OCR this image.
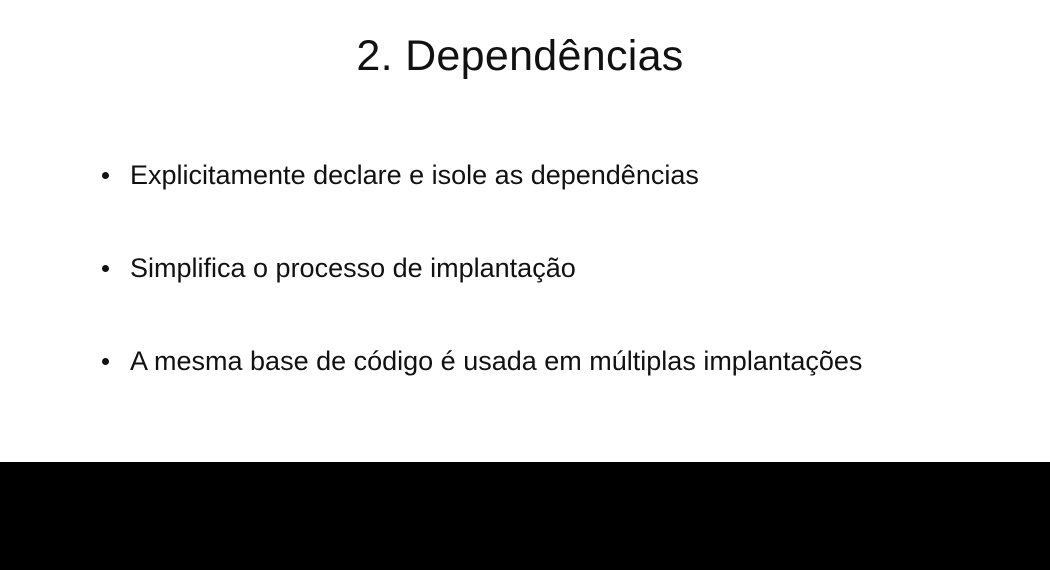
2. Dependências
Explicitamente declare e isole as dependências
Simplifica o processo de implantação
A mesma base de código é usada em múltiplas implantações
